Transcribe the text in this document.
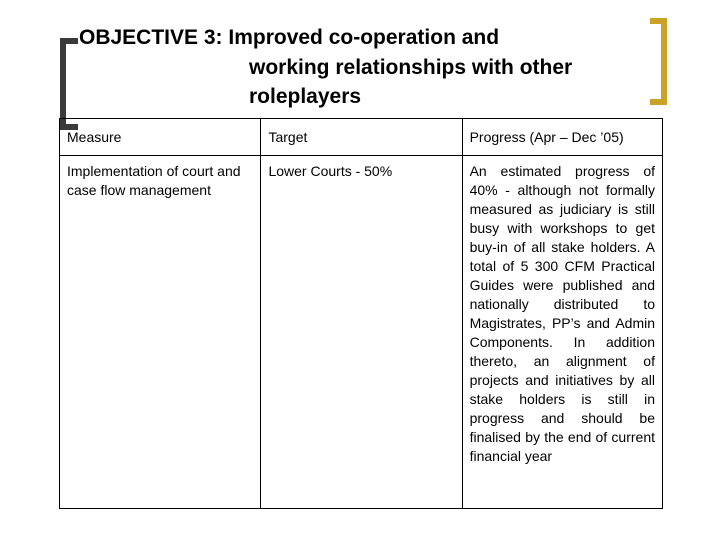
OBJECTIVE 3: Improved co-operation and
working relationships with other
roleplayers
Measure	Target	Progress (Apr – Dec ’05)

Implementation of court and case flow management	Lower Courts - 50%	An estimated progress of 40% - although not formally measured as judiciary is still busy with workshops to get buy-in of all stake holders. A total of 5 300 CFM Practical Guides were published and nationally distributed to Magistrates, PP’s and Admin Components. In addition thereto, an alignment of projects and initiatives by all stake holders is still in progress and should be finalised by the end of current financial year
